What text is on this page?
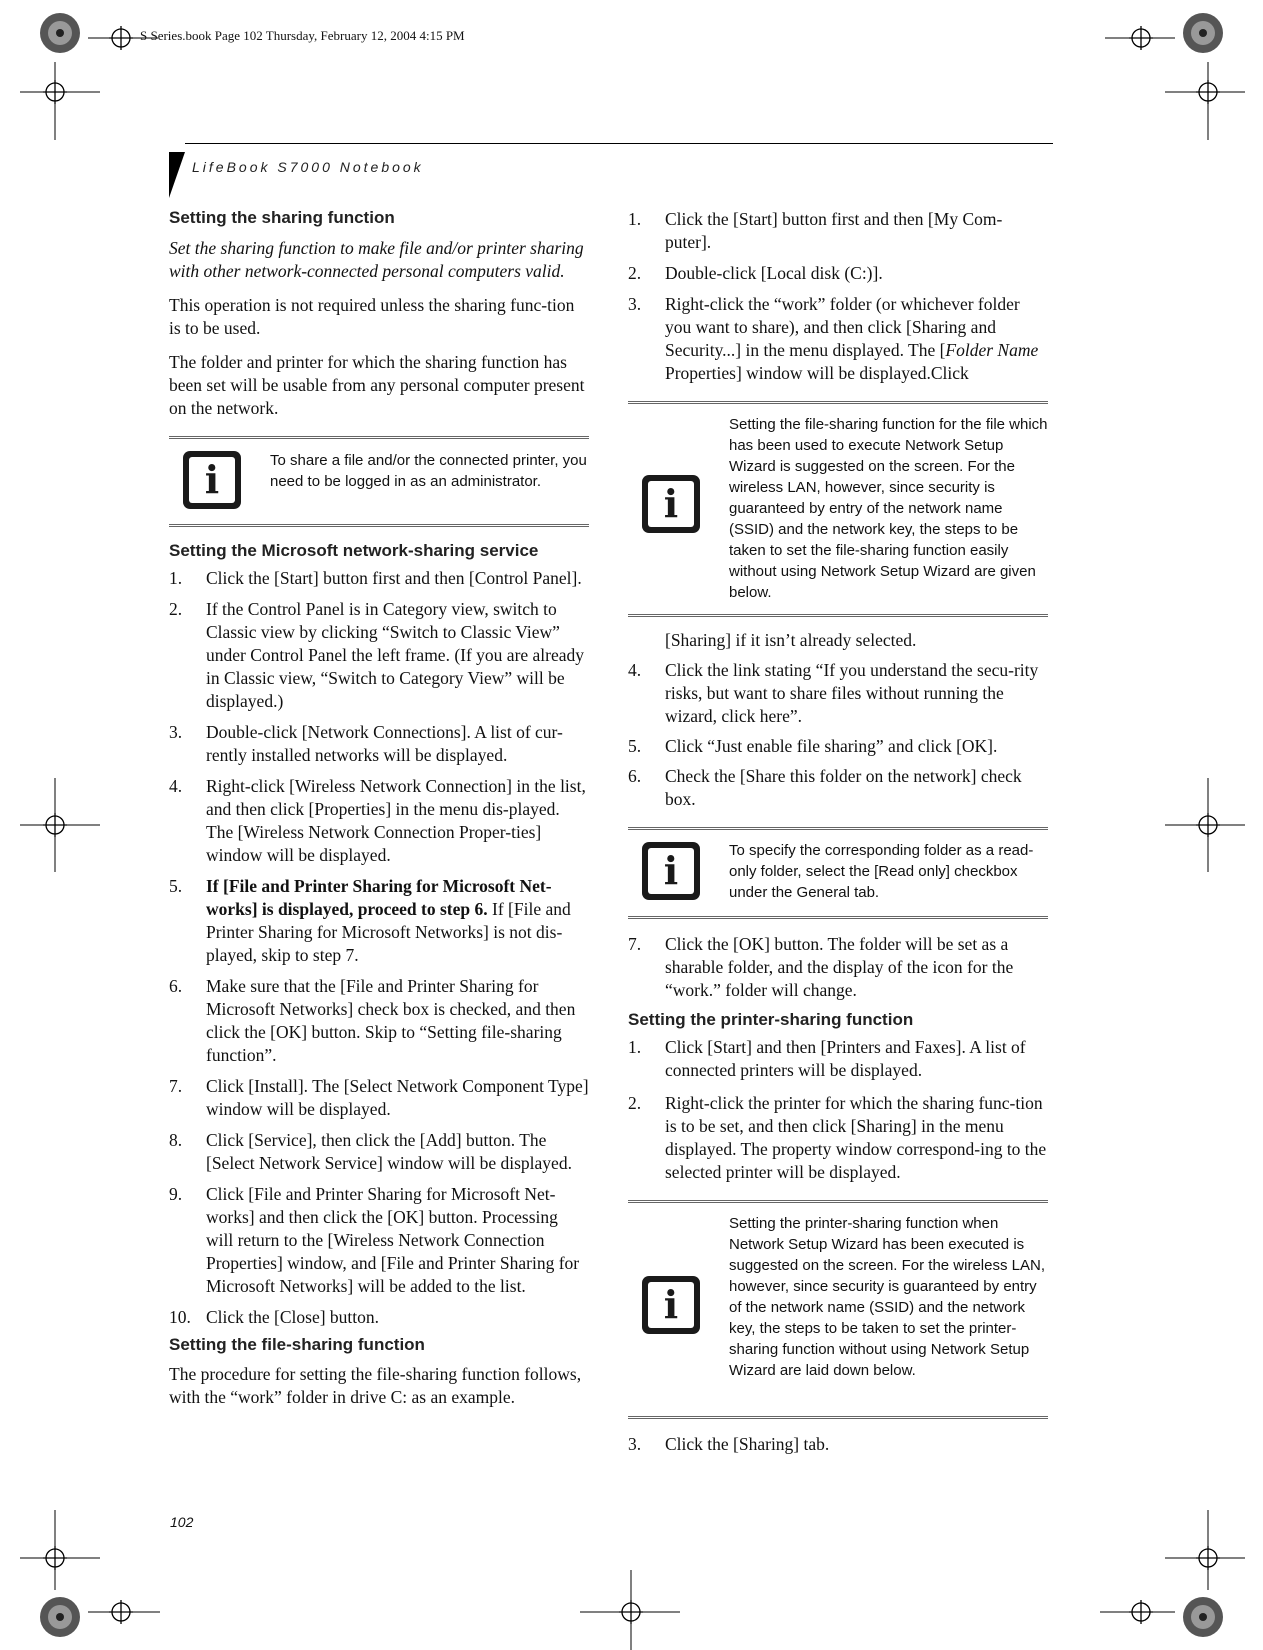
S Series.book Page 102 Thursday, February 12, 2004 4:15 PM
LifeBook S7000 Notebook
Setting the sharing function

Set the sharing function to make file and/or printer sharing with other network-connected personal computers valid.

This operation is not required unless the sharing func-tion is to be used.

The folder and printer for which the sharing function has been set will be usable from any personal computer present on the network.

i	To share a file and/or the connected printer, you need to be logged in as an administrator.
Setting the Microsoft network-sharing service
1. Click the [Start] button first and then [Control Panel].
2. If the Control Panel is in Category view, switch to Classic view by clicking “Switch to Classic View” under Control Panel the left frame. (If you are already in Classic view, “Switch to Category View” will be displayed.)
3. Double-click [Network Connections]. A list of cur-rently installed networks will be displayed.
4. Right-click [Wireless Network Connection] in the list, and then click [Properties] in the menu dis-played. The [Wireless Network Connection Proper-ties] window will be displayed.
5. If [File and Printer Sharing for Microsoft Net-works] is displayed, proceed to step 6. If [File and Printer Sharing for Microsoft Networks] is not dis-played, skip to step 7.
6. Make sure that the [File and Printer Sharing for Microsoft Networks] check box is checked, and then click the [OK] button. Skip to “Setting file-sharing function”.
7. Click [Install]. The [Select Network Component Type] window will be displayed.
8. Click [Service], then click the [Add] button. The [Select Network Service] window will be displayed.
9. Click [File and Printer Sharing for Microsoft Net-works] and then click the [OK] button. Processing will return to the [Wireless Network Connection Properties] window, and [File and Printer Sharing for Microsoft Networks] will be added to the list.
10. Click the [Close] button.
Setting the file-sharing function

The procedure for setting the file-sharing function follows, with the “work” folder in drive C: as an example.

1. Click the [Start] button first and then [My Com-puter].
2. Double-click [Local disk (C:)].
3. Right-click the “work” folder (or whichever folder you want to share), and then click [Sharing and Security...] in the menu displayed. The [Folder Name Properties] window will be displayed.Click
i
Setting the file-sharing function for the file which has been used to execute Network Setup Wizard is suggested on the screen. For the wireless LAN, however, since security is guaranteed by entry of the network name (SSID) and the network key, the steps to be taken to set the file-sharing function easily without using Network Setup Wizard are given below.

[Sharing] if it isn’t already selected.

4. Click the link stating “If you understand the secu-rity risks, but want to share files without running the wizard, click here”.
5. Click “Just enable file sharing” and click [OK].
6. Check the [Share this folder on the network] check box.
i	To specify the corresponding folder as a read-only folder, select the [Read only] checkbox under the General tab.
7. Click the [OK] button. The folder will be set as a sharable folder, and the display of the icon for the “work.” folder will change.
Setting the printer-sharing function
1. Click [Start] and then [Printers and Faxes]. A list of connected printers will be displayed.
2. Right-click the printer for which the sharing func-tion is to be set, and then click [Sharing] in the menu displayed. The property window correspond-ing to the selected printer will be displayed.
i
Setting the printer-sharing function when Network Setup Wizard has been executed is suggested on the screen. For the wireless LAN, however, since security is guaranteed by entry of the network name (SSID) and the network key, the steps to be taken to set the printer-sharing function without using Network Setup Wizard are laid down below.
3. Click the [Sharing] tab.
102
